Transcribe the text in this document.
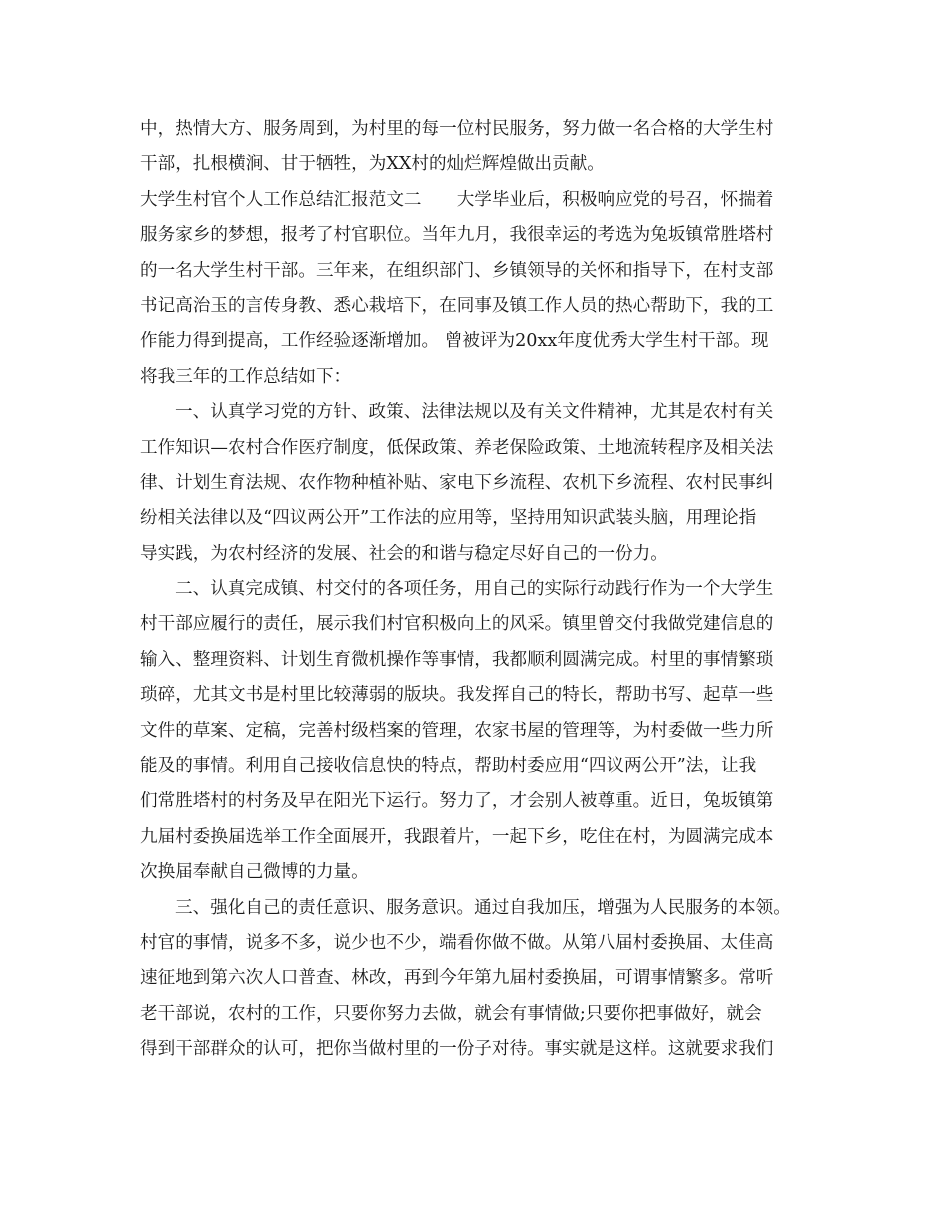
中，热情大方、服务周到，为村里的每一位村民服务，努力做一名合格的大学生村
干部，扎根横涧、甘于牺牲，为XX村的灿烂辉煌做出贡献。
大学生村官个人工作总结汇报范文二　　大学毕业后，积极响应党的号召，怀揣着
服务家乡的梦想，报考了村官职位。当年九月，我很幸运的考选为兔坂镇常胜塔村
的一名大学生村干部。三年来，在组织部门、乡镇领导的关怀和指导下，在村支部
书记高治玉的言传身教、悉心栽培下，在同事及镇工作人员的热心帮助下，我的工
作能力得到提高，工作经验逐渐增加。 曾被评为20xx年度优秀大学生村干部。现
将我三年的工作总结如下：
一、认真学习党的方针、政策、法律法规以及有关文件精神，尤其是农村有关
工作知识—农村合作医疗制度，低保政策、养老保险政策、土地流转程序及相关法
律、计划生育法规、农作物种植补贴、家电下乡流程、农机下乡流程、农村民事纠
纷相关法律以及“四议两公开”工作法的应用等，坚持用知识武装头脑，用理论指
导实践，为农村经济的发展、社会的和谐与稳定尽好自己的一份力。
二、认真完成镇、村交付的各项任务，用自己的实际行动践行作为一个大学生
村干部应履行的责任，展示我们村官积极向上的风采。镇里曾交付我做党建信息的
输入、整理资料、计划生育微机操作等事情，我都顺利圆满完成。村里的事情繁琐
琐碎，尤其文书是村里比较薄弱的版块。我发挥自己的特长，帮助书写、起草一些
文件的草案、定稿，完善村级档案的管理，农家书屋的管理等，为村委做一些力所
能及的事情。利用自己接收信息快的特点，帮助村委应用“四议两公开”法，让我
们常胜塔村的村务及早在阳光下运行。努力了，才会别人被尊重。近日，兔坂镇第
九届村委换届选举工作全面展开，我跟着片，一起下乡，吃住在村，为圆满完成本
次换届奉献自己微博的力量。
三、强化自己的责任意识、服务意识。通过自我加压，增强为人民服务的本领。
村官的事情，说多不多，说少也不少，端看你做不做。从第八届村委换届、太佳高
速征地到第六次人口普查、林改，再到今年第九届村委换届，可谓事情繁多。常听
老干部说，农村的工作，只要你努力去做，就会有事情做;只要你把事做好，就会
得到干部群众的认可，把你当做村里的一份子对待。事实就是这样。这就要求我们
